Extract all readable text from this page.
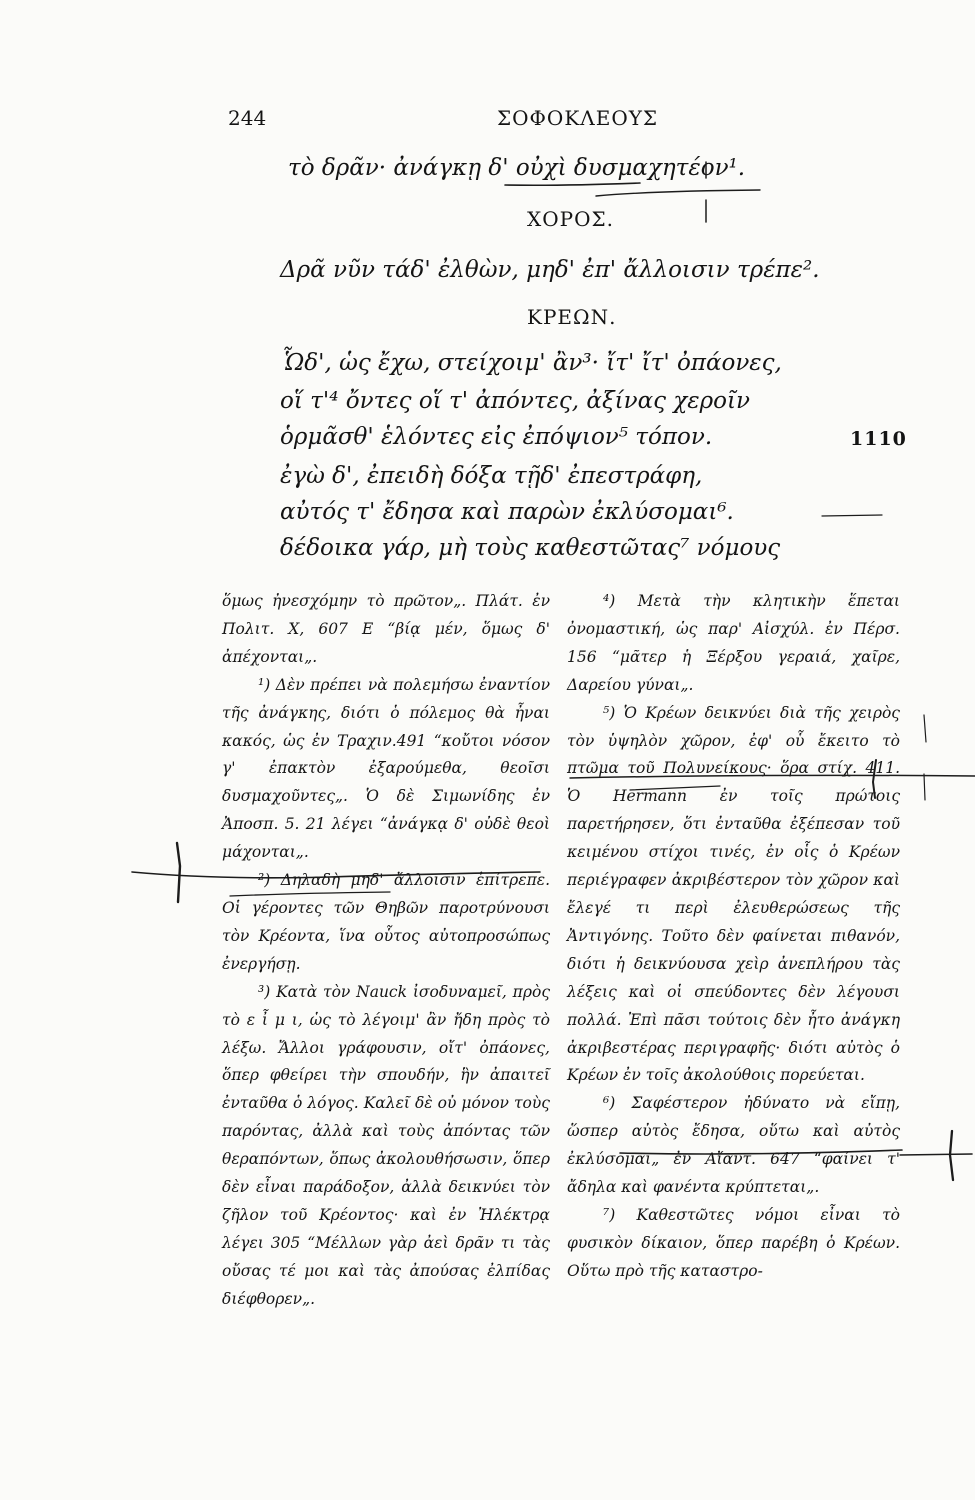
244	ΣΟΦΟΚΛΕΟΥΣ
τὸ δρᾶν· ἀνάγκῃ δ' οὐχὶ δυσμαχητέον¹.
ΧΟΡΟΣ.
Δρᾶ νῦν τάδ' ἐλθὼν, μηδ' ἐπ' ἄλλοισιν τρέπε².
ΚΡΕΩΝ.
Ὧδ', ὡς ἔχω, στείχοιμ' ἂν³· ἴτ' ἴτ' ὀπάονες,
οἵ τ'⁴ ὄντες οἵ τ' ἀπόντες, ἀξίνας χεροῖν
ὁρμᾶσθ' ἑλόντες εἰς ἐπόψιον⁵ τόπον.
ἐγὼ δ', ἐπειδὴ δόξα τῇδ' ἐπεστράφη,
αὐτός τ' ἔδησα καὶ παρὼν ἐκλύσομαι⁶.
δέδοικα γάρ, μὴ τοὺς καθεστῶτας⁷ νόμους
1110

ὅμως ἠνεσχόμην τὸ πρῶτον„. Πλάτ. ἐν Πολιτ. Χ, 607 Ε “βίᾳ μέν, ὅμως δ' ἀπέχονται„.

¹) Δὲν πρέπει νὰ πολεμήσω ἐναντίον τῆς ἀνάγκης, διότι ὁ πόλεμος θὰ ἦναι κακός, ὡς ἐν Τραχιν.491 “κοὔτοι νόσον γ' ἐπακτὸν ἐξαρούμεθα, θεοῖσι δυσμαχοῦντες„. Ὁ δὲ Σιμωνίδης ἐν Ἀποσπ. 5. 21 λέγει “ἀνάγκᾳ δ' οὐδὲ θεοὶ μάχονται„.

²) Δηλαδὴ μηδ' ἄλλοισιν ἐπίτρεπε. Οἱ γέροντες τῶν Θηβῶν παροτρύνουσι τὸν Κρέοντα, ἵνα οὗτος αὐτοπροσώπως ἐνεργήσῃ.

³) Κατὰ τὸν Nauck ἰσοδυναμεῖ, πρὸς τὸ ε ἶ μ ι, ὡς τὸ λέγοιμ' ἂν ἤδη πρὸς τὸ λέξω. Ἄλλοι γράφουσιν, οἴτ' ὀπάονες, ὅπερ φθείρει τὴν σπουδήν, ἣν ἀπαιτεῖ ἐνταῦθα ὁ λόγος. Καλεῖ δὲ οὐ μόνον τοὺς παρόντας, ἀλλὰ καὶ τοὺς ἀπόντας τῶν θεραπόντων, ὅπως ἀκολουθήσωσιν, ὅπερ δὲν εἶναι παράδοξον, ἀλλὰ δεικνύει τὸν ζῆλον τοῦ Κρέοντος· καὶ ἐν Ἠλέκτρᾳ λέγει 305 “Μέλλων γὰρ ἀεὶ δρᾶν τι τὰς οὔσας τέ μοι καὶ τὰς ἀπούσας ἐλπίδας διέφθορεν„.

⁴) Μετὰ τὴν κλητικὴν ἕπεται ὀνομαστική, ὡς παρ' Αἰσχύλ. ἐν Πέρσ. 156 “μᾶτερ ἡ Ξέρξου γεραιά, χαῖρε, Δαρείου γύναι„.

⁵) Ὁ Κρέων δεικνύει διὰ τῆς χειρὸς τὸν ὑψηλὸν χῶρον, ἐφ' οὗ ἔκειτο τὸ πτῶμα τοῦ Πολυνείκους· ὅρα στίχ. 411. Ὁ Hermann ἐν τοῖς πρώτοις παρετήρησεν, ὅτι ἐνταῦθα ἐξέπεσαν τοῦ κειμένου στίχοι τινές, ἐν οἷς ὁ Κρέων περιέγραφεν ἀκριβέστερον τὸν χῶρον καὶ ἔλεγέ τι περὶ ἐλευθερώσεως τῆς Ἀντιγόνης. Τοῦτο δὲν φαίνεται πιθανόν, διότι ἡ δεικνύουσα χεὶρ ἀνεπλήρου τὰς λέξεις καὶ οἱ σπεύδοντες δὲν λέγουσι πολλά. Ἐπὶ πᾶσι τούτοις δὲν ἦτο ἀνάγκη ἀκριβεστέρας περιγραφῆς· διότι αὐτὸς ὁ Κρέων ἐν τοῖς ἀκολούθοις πορεύεται.

⁶) Σαφέστερον ἠδύνατο νὰ εἴπῃ, ὥσπερ αὐτὸς ἔδησα, οὕτω καὶ αὐτὸς ἐκλύσομαι„ ἐν Αἴαντ. 647 “φαίνει τ' ἄδηλα καὶ φανέντα κρύπτεται„.

⁷) Καθεστῶτες νόμοι εἶναι τὸ φυσικὸν δίκαιον, ὅπερ παρέβη ὁ Κρέων. Οὕτω πρὸ τῆς καταστρο-
